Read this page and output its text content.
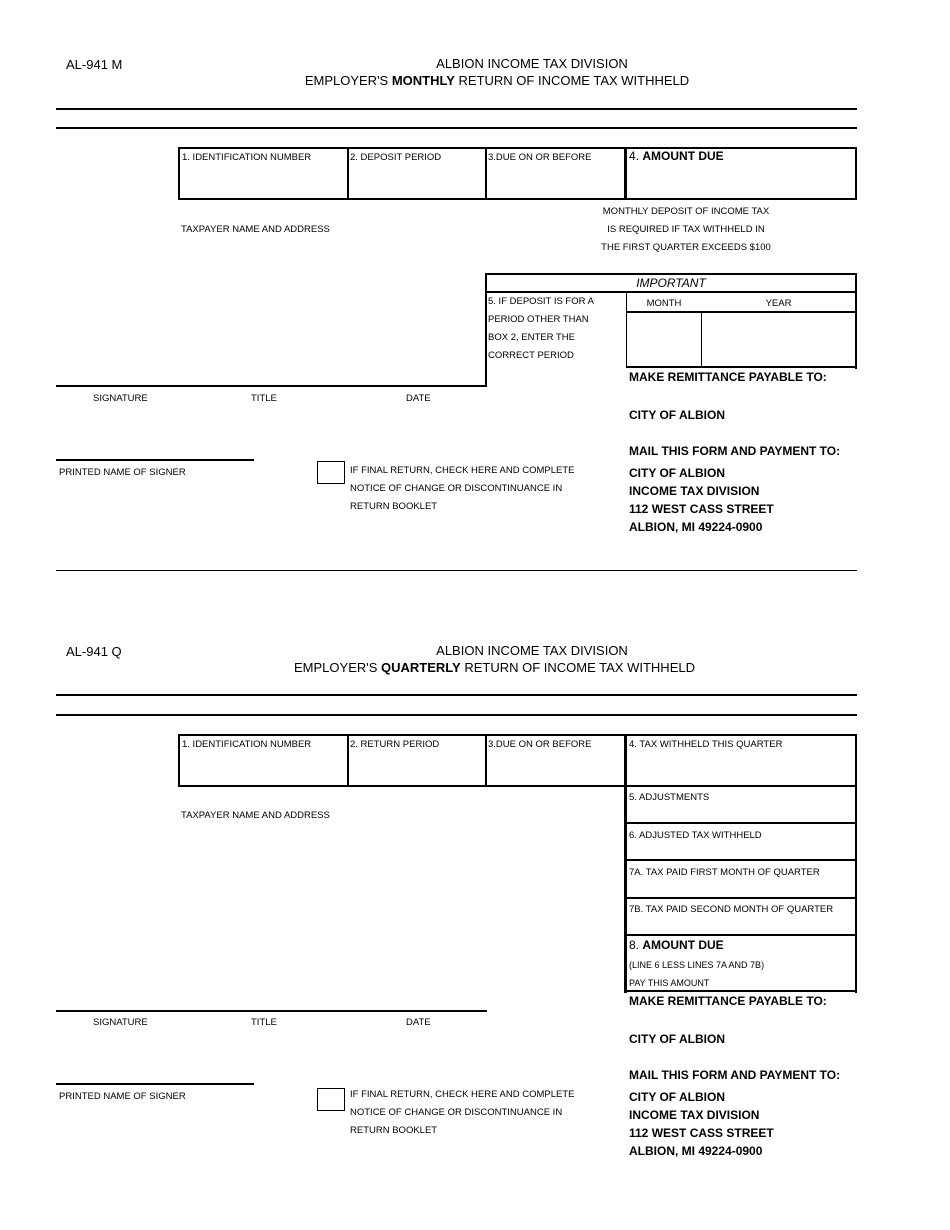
AL-941 M	ALBION INCOME TAX DIVISION
EMPLOYER'S MONTHLY RETURN OF INCOME TAX WITHHELD
1. IDENTIFICATION NUMBER	2. DEPOSIT PERIOD	3.DUE ON OR BEFORE	4. AMOUNT DUE
TAXPAYER NAME AND ADDRESS
MONTHLY DEPOSIT OF INCOME TAX
IS REQUIRED IF TAX WITHHELD IN
THE FIRST QUARTER EXCEEDS $100
IMPORTANT
5. IF DEPOSIT IS FOR A
PERIOD OTHER THAN
BOX 2, ENTER THE
CORRECT PERIOD
MONTH	YEAR
SIGNATURE	TITLE	DATE
PRINTED NAME OF SIGNER	IF FINAL RETURN, CHECK HERE AND COMPLETE
NOTICE OF CHANGE OR DISCONTINUANCE IN
RETURN BOOKLET
MAKE REMITTANCE PAYABLE TO:
CITY OF ALBION
MAIL THIS FORM AND PAYMENT TO:
CITY OF ALBION
INCOME TAX DIVISION
112 WEST CASS STREET
ALBION, MI 49224-0900
AL-941 Q	ALBION INCOME TAX DIVISION
EMPLOYER'S QUARTERLY RETURN OF INCOME TAX WITHHELD
1. IDENTIFICATION NUMBER	2. RETURN PERIOD	3.DUE ON OR BEFORE	4. TAX WITHHELD THIS QUARTER
5. ADJUSTMENTS
6. ADJUSTED TAX WITHHELD
7A. TAX PAID FIRST MONTH OF QUARTER
7B. TAX PAID SECOND MONTH OF QUARTER
8. AMOUNT DUE
(LINE 6 LESS LINES 7A AND 7B)
PAY THIS AMOUNT
TAXPAYER NAME AND ADDRESS
SIGNATURE	TITLE	DATE
PRINTED NAME OF SIGNER	IF FINAL RETURN, CHECK HERE AND COMPLETE
NOTICE OF CHANGE OR DISCONTINUANCE IN
RETURN BOOKLET
MAKE REMITTANCE PAYABLE TO:
CITY OF ALBION
MAIL THIS FORM AND PAYMENT TO:
CITY OF ALBION
INCOME TAX DIVISION
112 WEST CASS STREET
ALBION, MI 49224-0900
